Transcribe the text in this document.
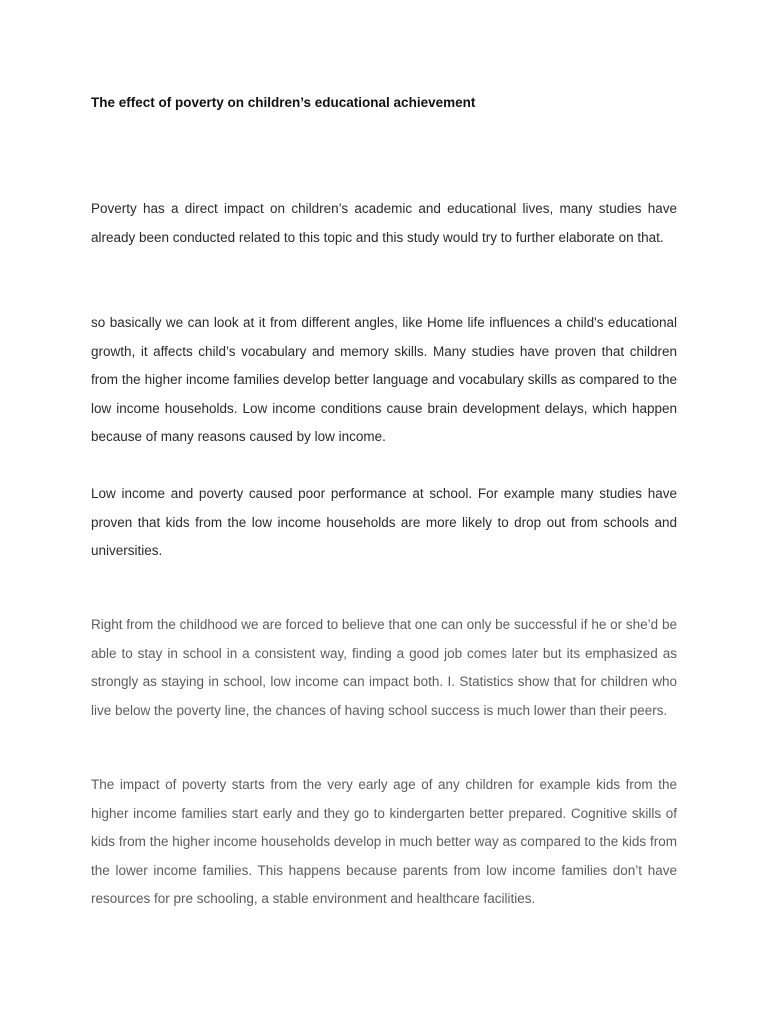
The effect of poverty on children’s educational achievement

Poverty has a direct impact on children’s academic and educational lives, many studies have already been conducted related to this topic and this study would try to further elaborate on that.

so basically we can look at it from different angles, like Home life influences a child's educational growth, it affects child’s vocabulary and memory skills. Many studies have proven that children from the higher income families develop better language and vocabulary skills as compared to the low income households. Low income conditions cause brain development delays, which happen because of many reasons caused by low income.

Low income and poverty caused poor performance at school. For example many studies have proven that kids from the low income households are more likely to drop out from schools and universities.

Right from the childhood we are forced to believe that one can only be successful if he or she’d be able to stay in school in a consistent way, finding a good job comes later but its emphasized as strongly as staying in school, low income can impact both. I. Statistics show that for children who live below the poverty line, the chances of having school success is much lower than their peers.

The impact of poverty starts from the very early age of any children for example kids from the higher income families start early and they go to kindergarten better prepared. Cognitive skills of kids from the higher income households develop in much better way as compared to the kids from the lower income families. This happens because parents from low income families don’t have resources for pre schooling, a stable environment and healthcare facilities.
